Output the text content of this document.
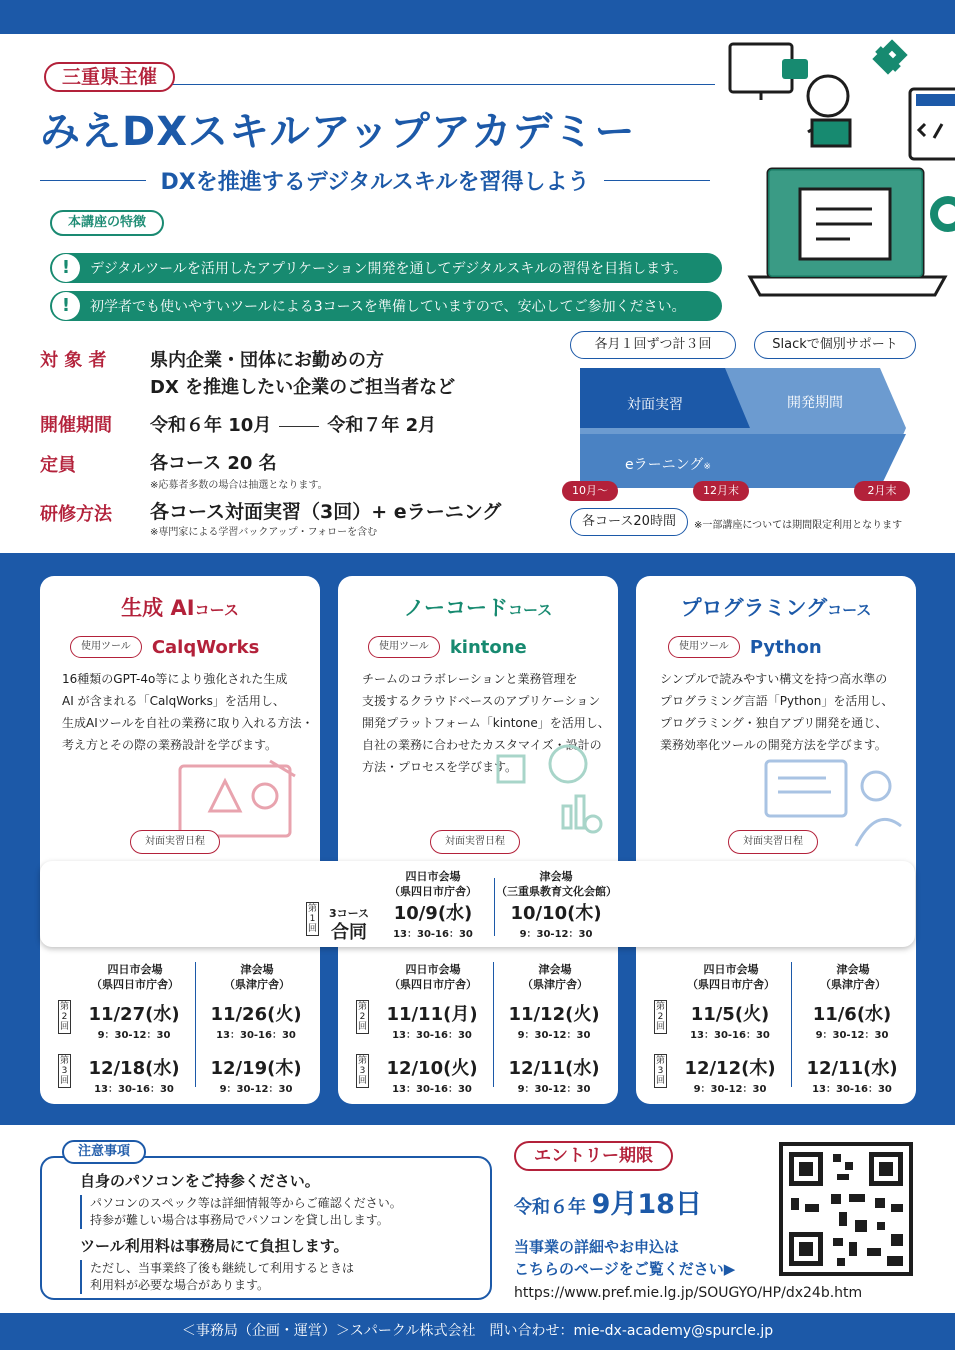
三重県主催
みえDXスキルアップアカデミー
DXを推進するデジタルスキルを習得しよう
本講座の特徴
!	デジタルツールを活用したアプリケーション開発を通してデジタルスキルの習得を目指します。
!	初学者でも使いやすいツールによる3コースを準備していますので、安心してご参加ください。
対 象 者 県内企業・団体にお勤めの方
DX を推進したい企業のご担当者など
開催期間 令和６年 10月	令和７年 2月
定員	各コース 20 名
※応募者多数の場合は抽選となります。
研修方法 各コース対面実習（3回）+ eラーニング
※専門家による学習バックアップ・フォローを含む
対面実習	開発期間
eラーニング※
各月１回ずつ計３回	Slackで個別サポート
10月～	12月末	2月末
各コース20時間	※一部講座については期間限定利用となります
生成 AIコース
使用ツール	CalqWorks
16種類のGPT-4o等により強化された生成
AI が含まれる「CalqWorks」を活用し、
生成AIツールを自社の業務に取り入れる方法・
考え方とその際の業務設計を学びます。
対面実習日程
ノーコードコース
使用ツール	kintone
チームのコラボレーションと業務管理を
支援するクラウドベースのアプリケーション
開発プラットフォーム「kintone」を活用し、
自社の業務に合わせたカスタマイズ・設計の
方法・プロセスを学びます。
対面実習日程
プログラミングコース
使用ツール	Python
シンプルで読みやすい構文を持つ高水準の
プログラミング言語「Python」を活用し、
プログラミング・独自アプリ開発を通じ、
業務効率化ツールの開発方法を学びます。
対面実習日程
第1回
3コース
合同
四日市会場
（県四日市庁舎）
10/9(水)
13：30-16：30
津会場
（三重県教育文化会館）
10/10(木)
9：30-12：30
四日市会場
（県四日市庁舎）
津会場
（県津庁舎）
第2回
11/27(水)
9：30-12：30
11/26(火)
13：30-16：30
第3回
12/18(水)
13：30-16：30
12/19(木)
9：30-12：30
四日市会場
（県四日市庁舎）
津会場
（県津庁舎）
第2回
11/11(月)
13：30-16：30
11/12(火)
9：30-12：30
第3回
12/10(火)
13：30-16：30
12/11(水)
9：30-12：30
四日市会場
（県四日市庁舎）
津会場
（県津庁舎）
第2回
11/5(火)
13：30-16：30
11/6(水)
9：30-12：30
第3回
12/12(木)
9：30-12：30
12/11(水)
13：30-16：30
注意事項
自身のパソコンをご持参ください。
パソコンのスペック等は詳細情報等からご確認ください。
持参が難しい場合は事務局でパソコンを貸し出します。
ツール利用料は事務局にて負担します。
ただし、当事業終了後も継続して利用するときは
利用料が必要な場合があります。
エントリー期限
令和６年 9月18日
当事業の詳細やお申込は
こちらのページをご覧ください▶
https://www.pref.mie.lg.jp/SOUGYO/HP/dx24b.htm
＜事務局（企画・運営）＞スパークル株式会社　問い合わせ：mie-dx-academy@spurcle.jp
